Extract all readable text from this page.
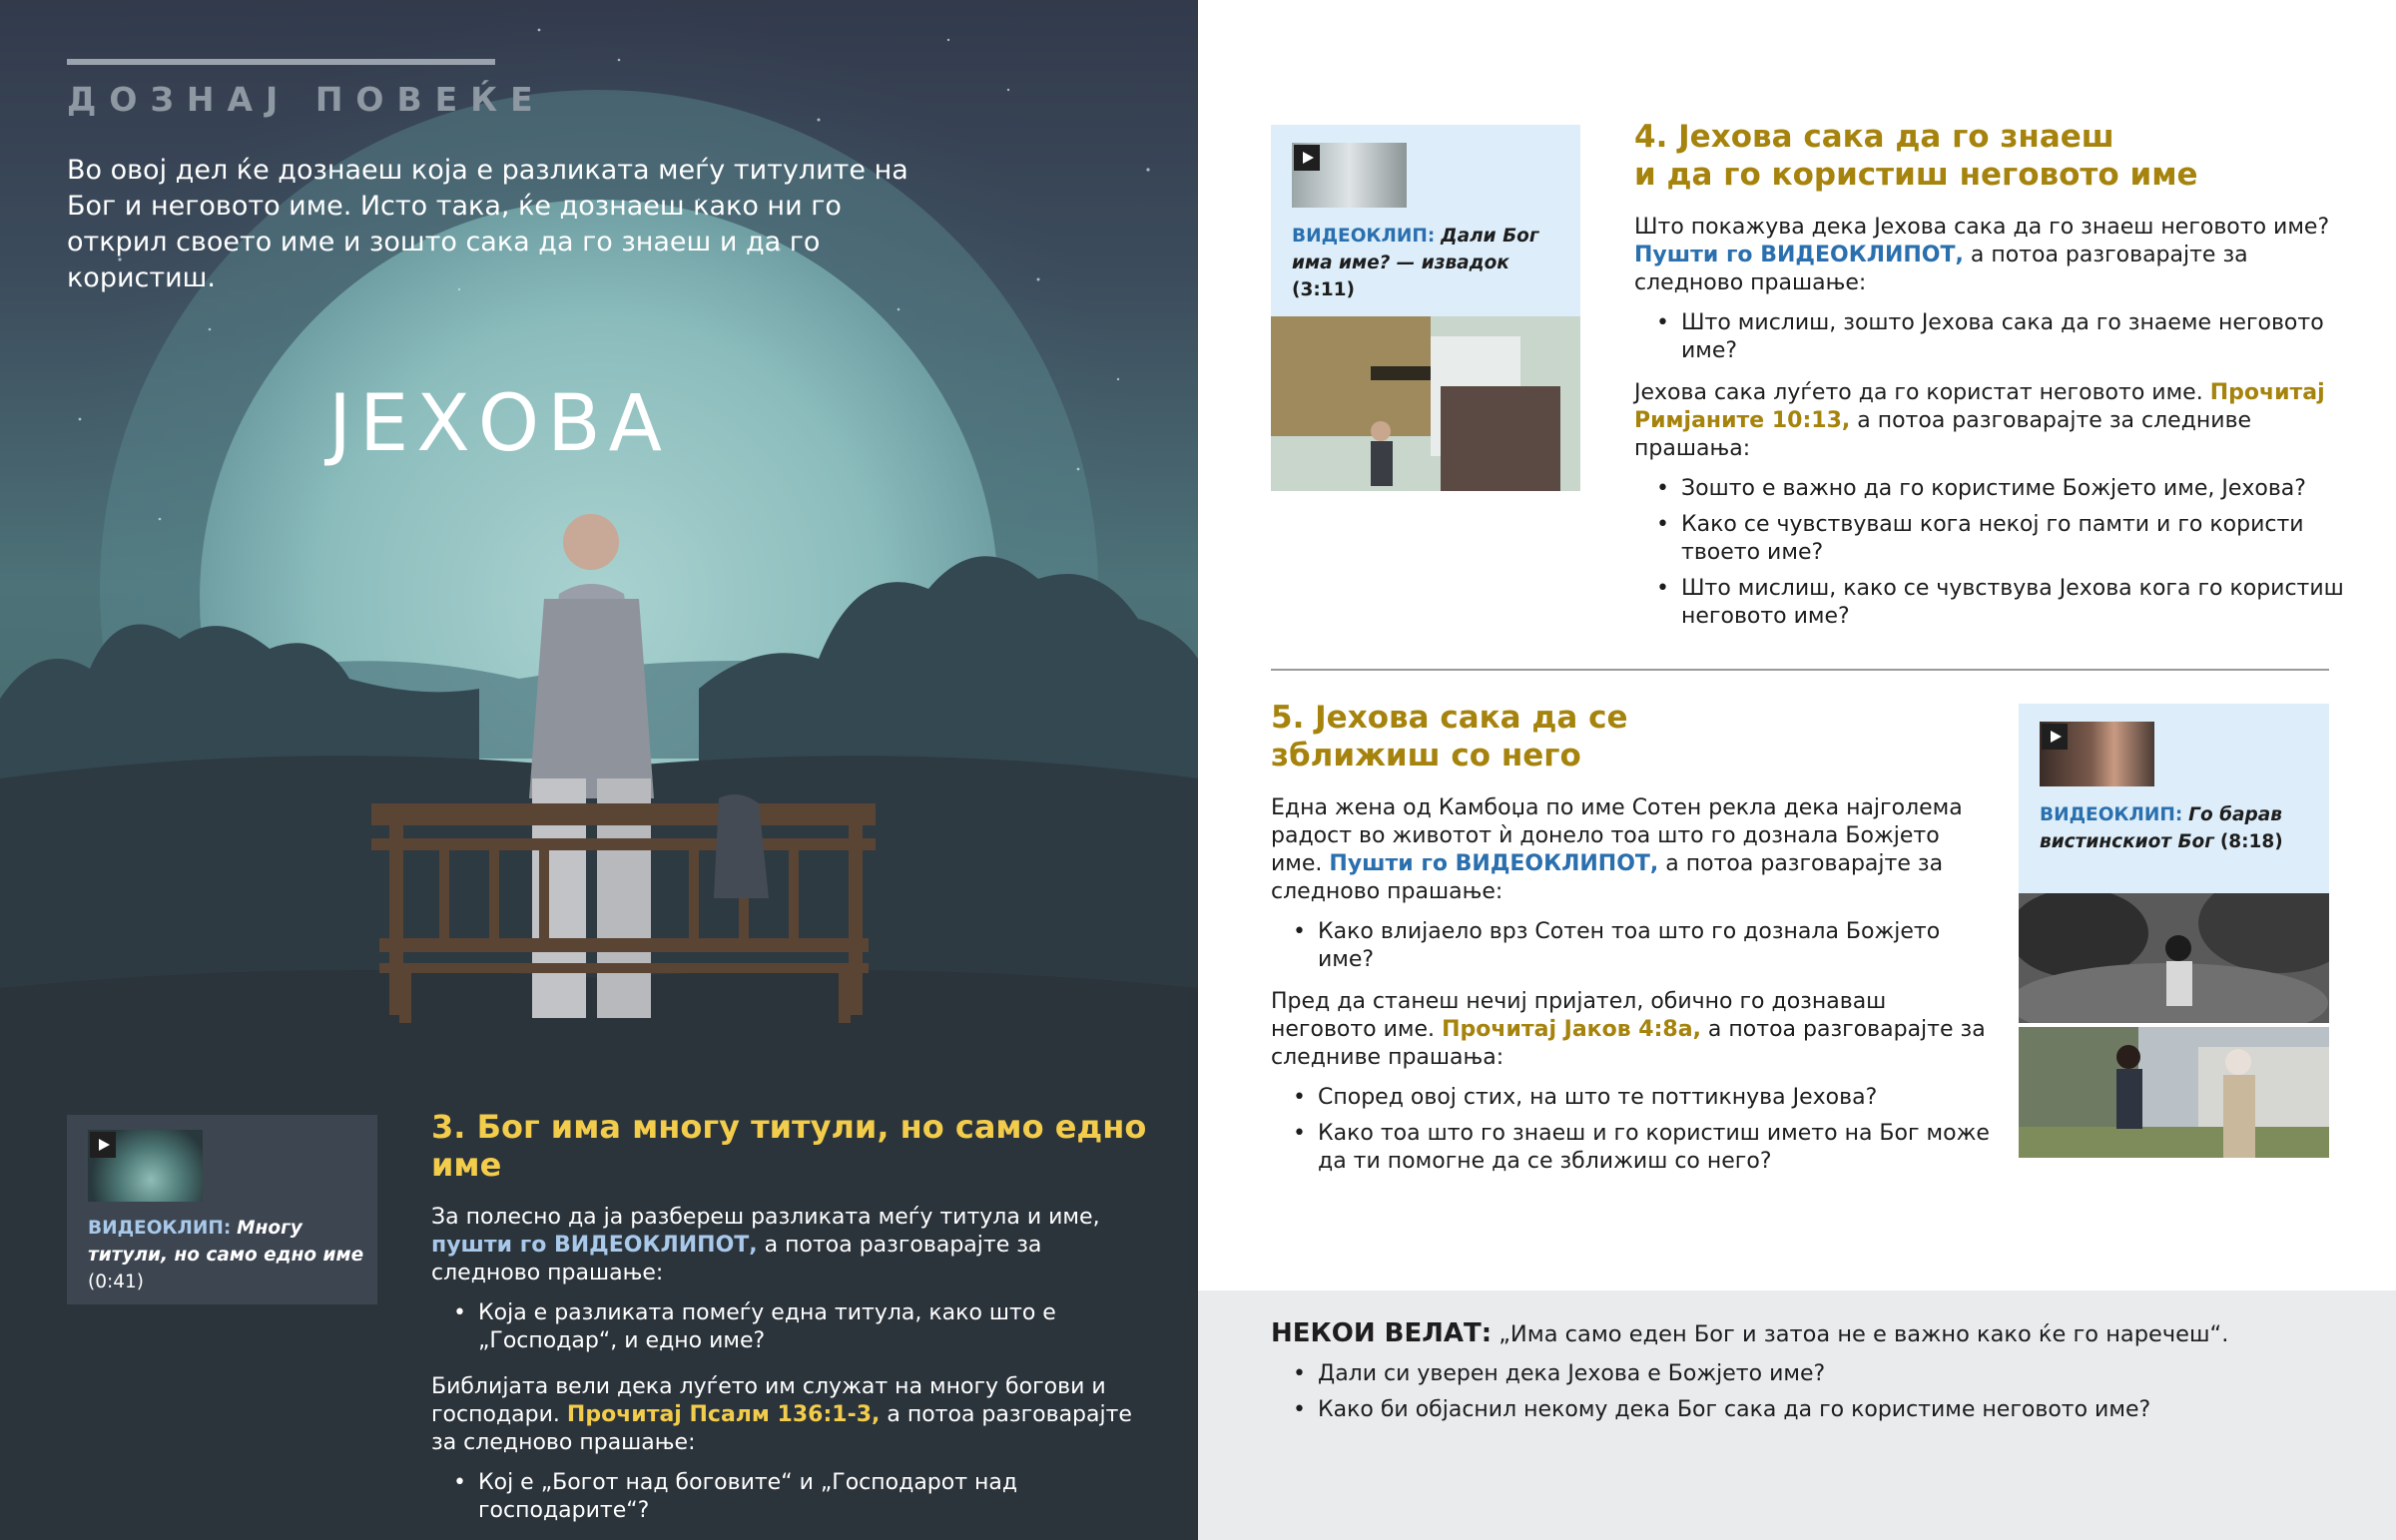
ДОЗНАЈ ПОВЕЌЕ

Во овој дел ќе дознаеш која е разликата меѓу титулите на Бог и неговото име. Исто така, ќе дознаеш како ни го открил своето име и зошто сака да го знаеш и да го користиш.

ЈЕХОВА
ВИДЕОКЛИП: Многу титули, но само едно име (0:41)
3. Бог има многу титули, но само едно име

За полесно да ја разбереш разликата меѓу титула и име, пушти го ВИДЕОКЛИПОТ, а потоа разговарајте за следново прашање:

• Која е разликата помеѓу една титула, како што е „Господар“, и едно име?

Библијата вели дека луѓето им служат на многу богови и господари. Прочитај Псалм 136:1-3, а потоа разговарајте за следново прашање:

• Кој е „Богот над боговите“ и „Господарот над господарите“?
ВИДЕОКЛИП: Дали Бог има име? — извадок (3:11)
4. Јехова сака да го знаеш
и да го користиш неговото име

Што покажува дека Јехова сака да го знаеш неговото име? Пушти го ВИДЕОКЛИПОТ, а потоа разговарајте за следново прашање:

• Што мислиш, зошто Јехова сака да го знаеме неговото име?

Јехова сака луѓето да го користат неговото име. Прочитај Римјаните 10:13, а потоа разговарајте за следниве прашања:

• Зошто е важно да го користиме Божјето име, Јехова?
• Како се чувствуваш кога некој го памти и го користи твоето име?
• Што мислиш, како се чувствува Јехова кога го користиш неговото име?
5. Јехова сака да се
зближиш со него

Една жена од Камбоџа по име Сотен рекла дека најголема радост во животот ѝ донело тоа што го дознала Божјето име. Пушти го ВИДЕОКЛИПОТ, а потоа разговарајте за следново прашање:

• Како влијаело врз Сотен тоа што го дознала Божјето име?

Пред да станеш нечиј пријател, обично го дознаваш неговото име. Прочитај Јаков 4:8а, а потоа разговарајте за следниве прашања:

• Според овој стих, на што те поттикнува Јехова?
• Како тоа што го знаеш и го користиш името на Бог може да ти помогне да се зближиш со него?
ВИДЕОКЛИП: Го барав вистинскиот Бог (8:18)
НЕКОИ ВЕЛАТ: „Има само еден Бог и затоа не е важно како ќе го наречеш“.
• Дали си уверен дека Јехова е Божјето име?
• Како би објаснил некому дека Бог сака да го користиме неговото име?
